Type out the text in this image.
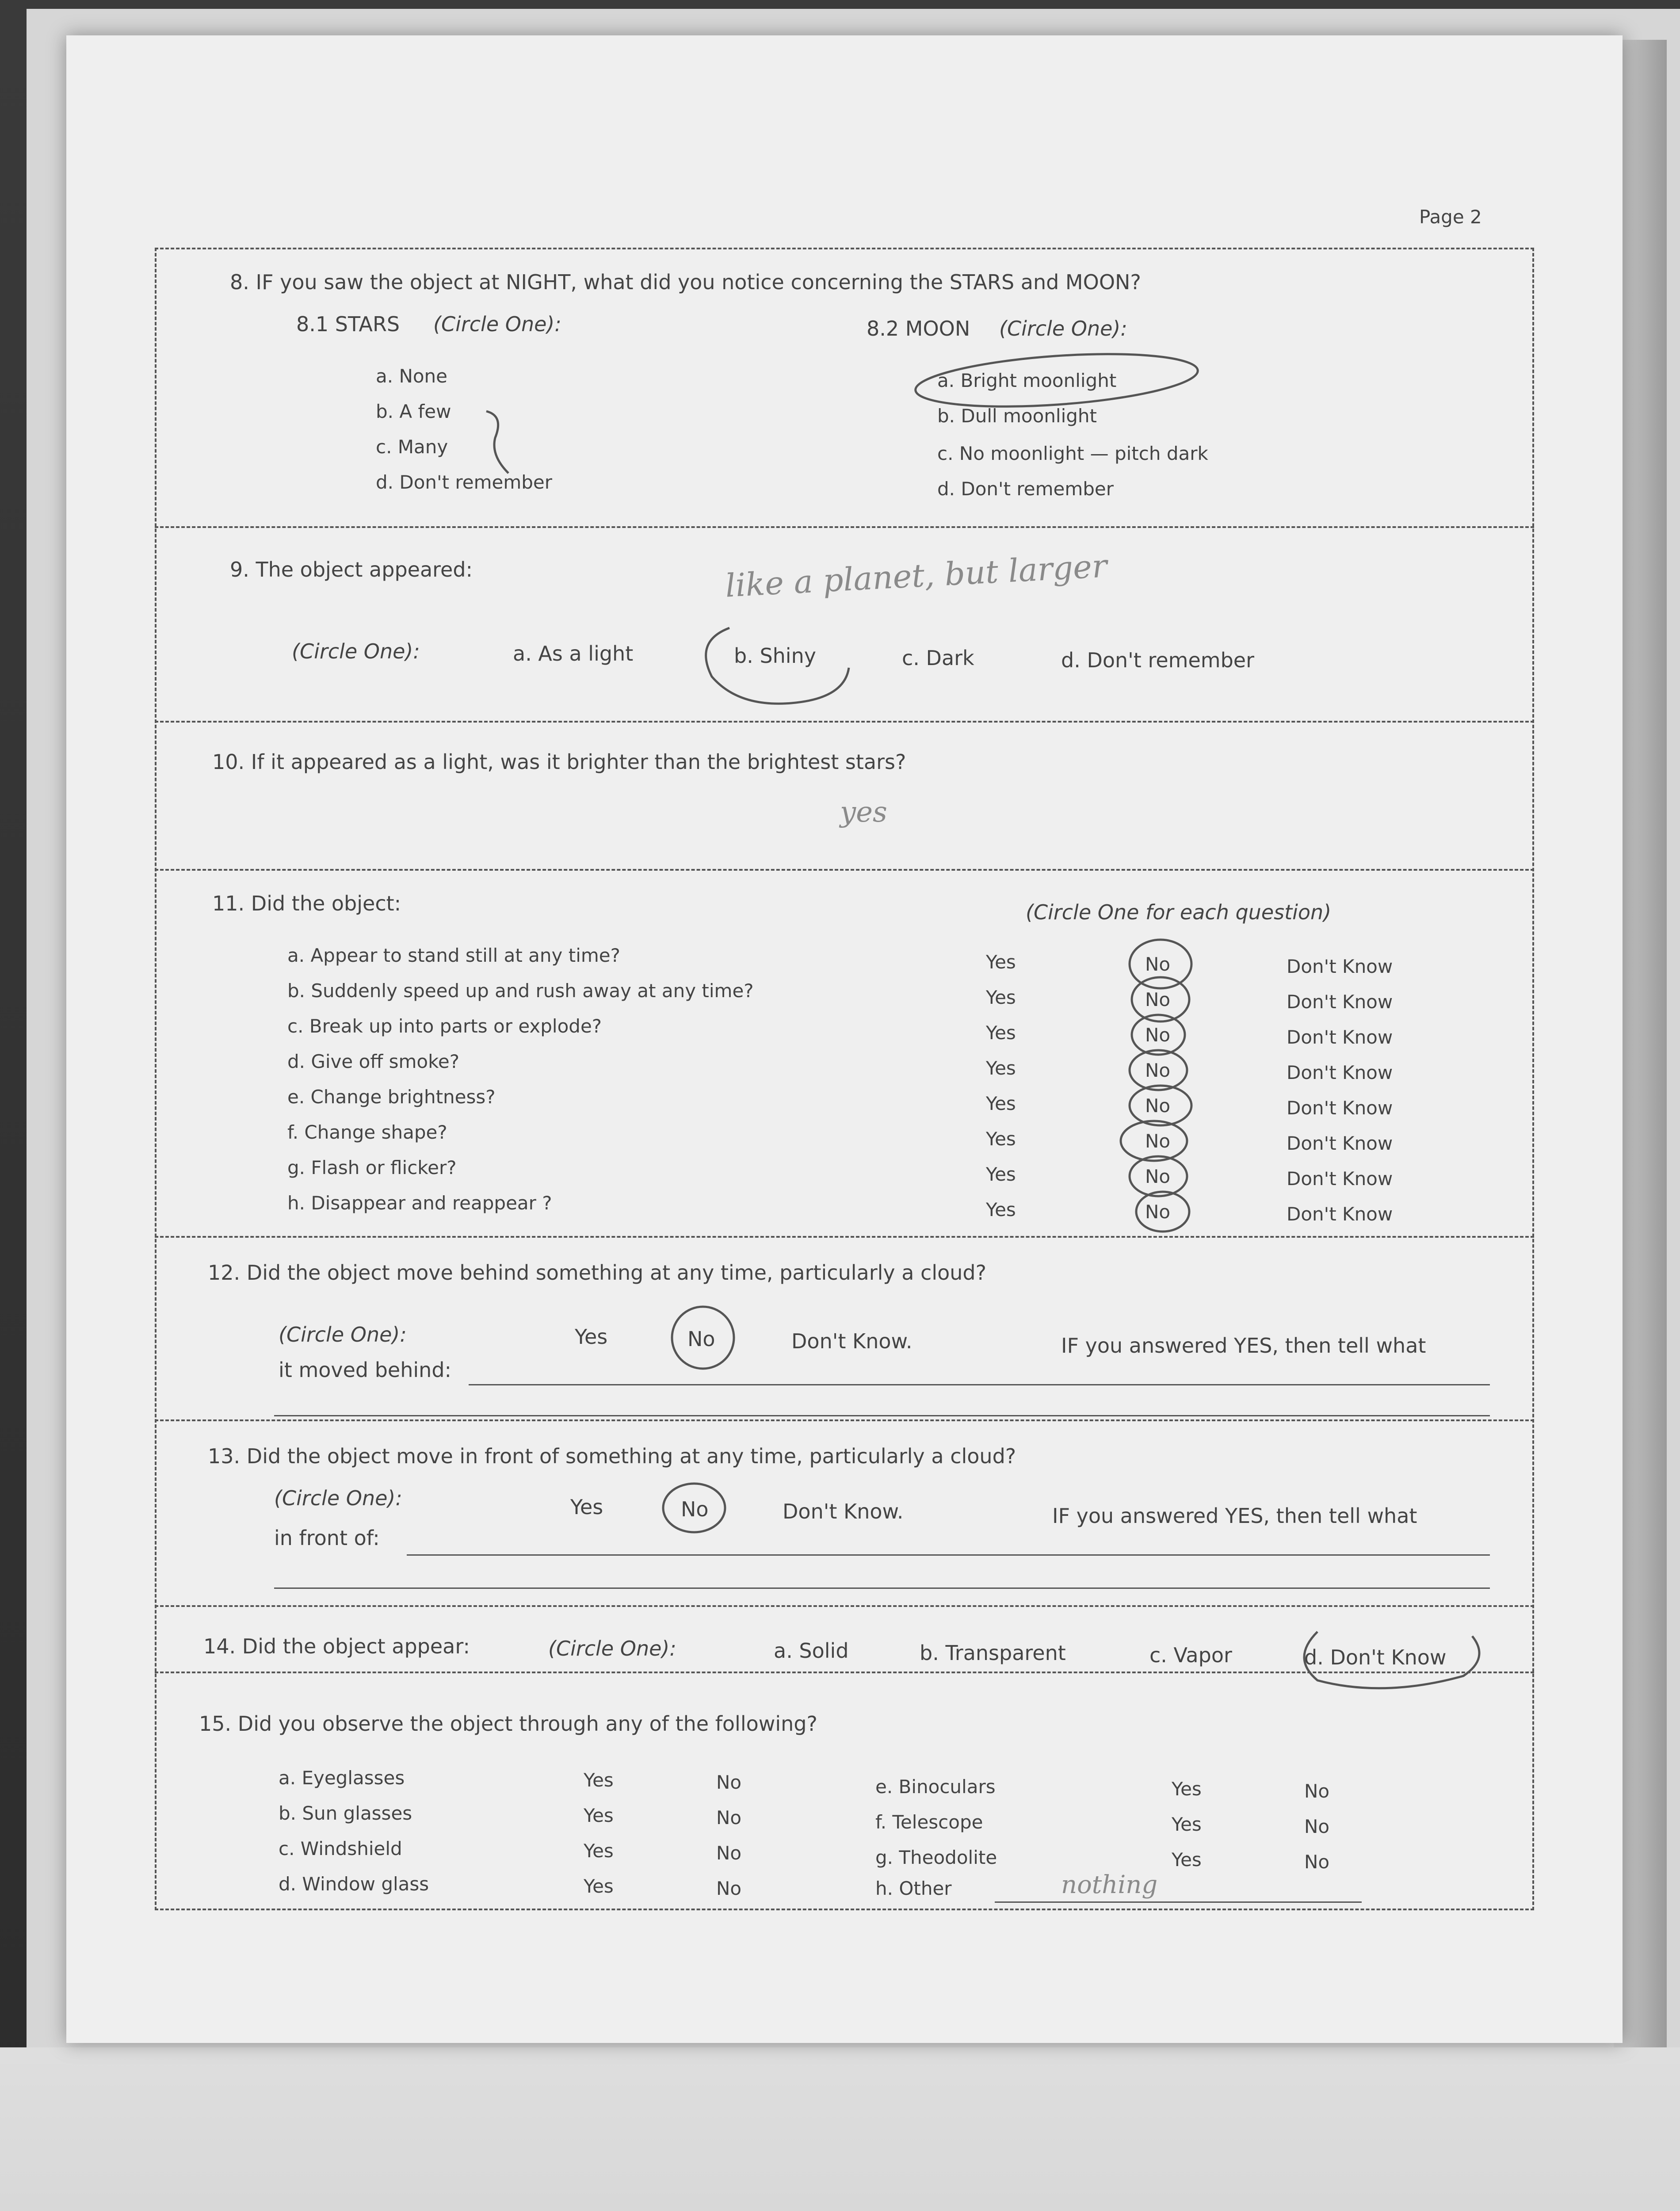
Page 2
8. IF you saw the object at NIGHT, what did you notice concerning the STARS and MOON?
8.1 STARS (Circle One):
a. None
b. A few
c. Many
d. Don't remember
8.2 MOON (Circle One):
a. Bright moonlight
b. Dull moonlight
c. No moonlight — pitch dark
d. Don't remember
9. The object appeared:	like a planet, but larger
(Circle One):	a. As a light	b. Shiny	c. Dark	d. Don't remember
10. If it appeared as a light, was it brighter than the brightest stars?
yes
11. Did the object:	(Circle One for each question)
a. Appear to stand still at any time?	Yes	No	Don't Know
b. Suddenly speed up and rush away at any time?	Yes	No	Don't Know
c. Break up into parts or explode?	Yes	No	Don't Know
d. Give off smoke?	Yes	No	Don't Know
e. Change brightness?	Yes	No	Don't Know
f. Change shape?	Yes	No	Don't Know
g. Flash or flicker?	Yes	No	Don't Know
h. Disappear and reappear ?	Yes	No	Don't Know
12. Did the object move behind something at any time, particularly a cloud?
(Circle One):	Yes	No	Don't Know.	IF you answered YES, then tell what
it moved behind:
13. Did the object move in front of something at any time, particularly a cloud?
(Circle One):	Yes	No	Don't Know.	IF you answered YES, then tell what
in front of:
14. Did the object appear:	(Circle One):	a. Solid	b. Transparent	c. Vapor	d. Don't Know
15. Did you observe the object through any of the following?
a. Eyeglasses	Yes	No
b. Sun glasses	Yes	No
c. Windshield	Yes	No
d. Window glass	Yes	No
e. Binoculars	Yes	No
f. Telescope	Yes	No
g. Theodolite	Yes	No
h. Other	nothing
